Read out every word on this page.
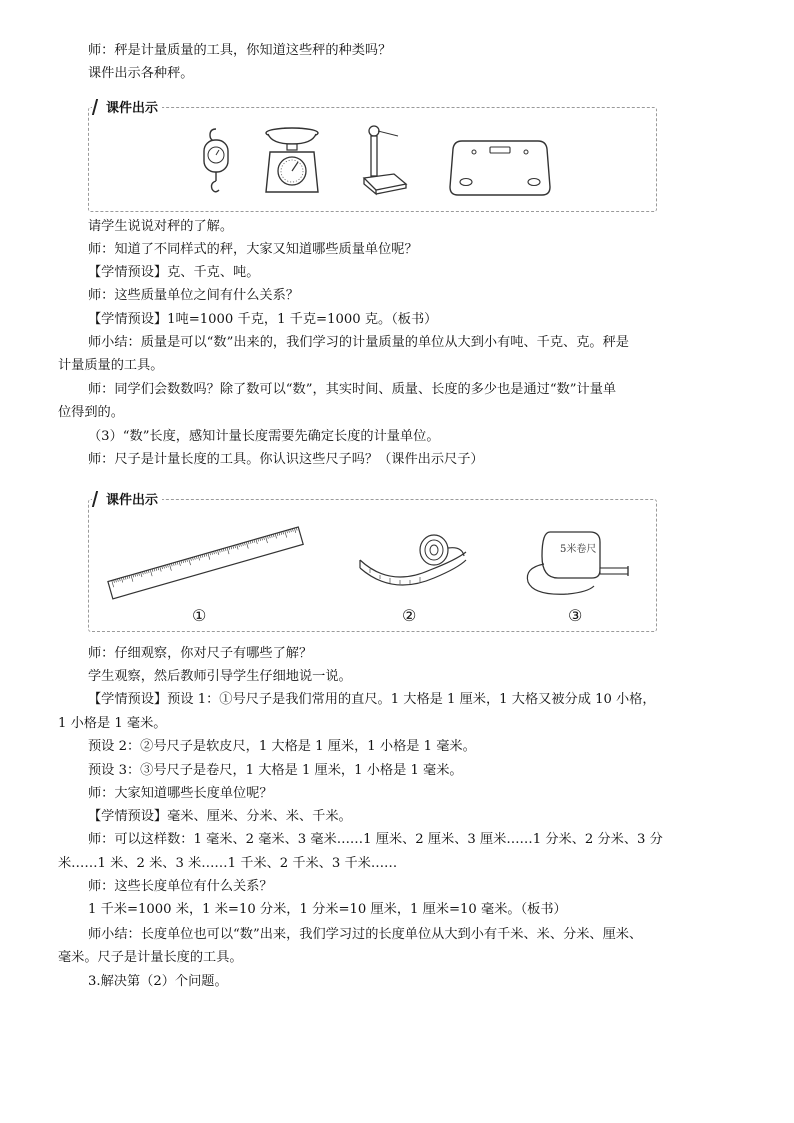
师：秤是计量质量的工具，你知道这些秤的种类吗？
课件出示各种秤。
课件出示
请学生说说对秤的了解。
师：知道了不同样式的秤，大家又知道哪些质量单位呢？
【学情预设】克、千克、吨。
师：这些质量单位之间有什么关系？
【学情预设】1吨=1000 千克，1 千克=1000 克。（板书）
师小结：质量是可以“数”出来的，我们学习的计量质量的单位从大到小有吨、千克、克。秤是
计量质量的工具。
师：同学们会数数吗？除了数可以“数”，其实时间、质量、长度的多少也是通过“数”计量单
位得到的。
（3）“数”长度，感知计量长度需要先确定长度的计量单位。
师：尺子是计量长度的工具。你认识这些尺子吗？（课件出示尺子）
课件出示
5米卷尺
①	②	③
师：仔细观察，你对尺子有哪些了解？
学生观察，然后教师引导学生仔细地说一说。
【学情预设】预设 1：①号尺子是我们常用的直尺。1 大格是 1 厘米，1 大格又被分成 10 小格，
1 小格是 1 毫米。
预设 2：②号尺子是软皮尺，1 大格是 1 厘米，1 小格是 1 毫米。
预设 3：③号尺子是卷尺，1 大格是 1 厘米，1 小格是 1 毫米。
师：大家知道哪些长度单位呢？
【学情预设】毫米、厘米、分米、米、千米。
师：可以这样数：1 毫米、2 毫米、3 毫米……1 厘米、2 厘米、3 厘米……1 分米、2 分米、3 分
米……1 米、2 米、3 米……1 千米、2 千米、3 千米……
师：这些长度单位有什么关系？
1 千米=1000 米，1 米=10 分米，1 分米=10 厘米，1 厘米=10 毫米。（板书）
师小结：长度单位也可以“数”出来，我们学习过的长度单位从大到小有千米、米、分米、厘米、
毫米。尺子是计量长度的工具。
3.解决第（2）个问题。
